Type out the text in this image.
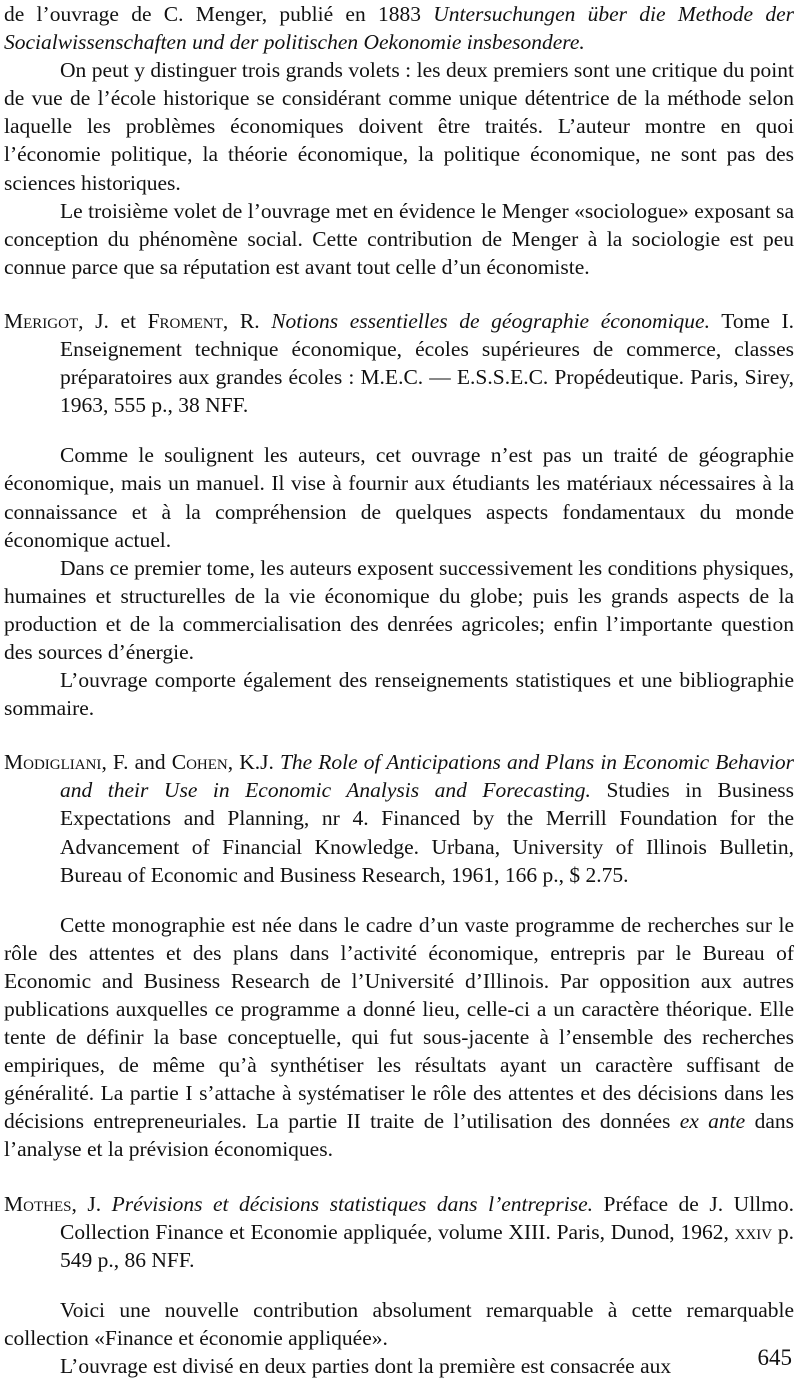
de l’ouvrage de C. Menger, publié en 1883 Untersuchungen über die Methode der Socialwissenschaften und der politischen Oekonomie insbesondere.

On peut y distinguer trois grands volets : les deux premiers sont une critique du point de vue de l’école historique se considérant comme unique détentrice de la méthode selon laquelle les problèmes économiques doivent être traités. L’auteur montre en quoi l’économie politique, la théorie économique, la politique économique, ne sont pas des sciences historiques.

Le troisième volet de l’ouvrage met en évidence le Menger «sociologue» exposant sa conception du phénomène social. Cette contribution de Menger à la sociologie est peu connue parce que sa réputation est avant tout celle d’un économiste.

Merigot, J. et Froment, R. Notions essentielles de géographie économique. Tome I. Enseignement technique économique, écoles supérieures de commerce, classes préparatoires aux grandes écoles : M.E.C. — E.S.S.E.C. Propédeutique. Paris, Sirey, 1963, 555 p., 38 NFF.

Comme le soulignent les auteurs, cet ouvrage n’est pas un traité de géographie économique, mais un manuel. Il vise à fournir aux étudiants les matériaux nécessaires à la connaissance et à la compréhension de quelques aspects fondamentaux du monde économique actuel.

Dans ce premier tome, les auteurs exposent successivement les conditions physiques, humaines et structurelles de la vie économique du globe; puis les grands aspects de la production et de la commercialisation des denrées agricoles; enfin l’importante question des sources d’énergie.

L’ouvrage comporte également des renseignements statistiques et une bibliographie sommaire.

Modigliani, F. and Cohen, K.J. The Role of Anticipations and Plans in Economic Behavior and their Use in Economic Analysis and Forecasting. Studies in Business Expectations and Planning, nr 4. Financed by the Merrill Foundation for the Advancement of Financial Knowledge. Urbana, University of Illinois Bulletin, Bureau of Economic and Business Research, 1961, 166 p., $ 2.75.

Cette monographie est née dans le cadre d’un vaste programme de recherches sur le rôle des attentes et des plans dans l’activité économique, entrepris par le Bureau of Economic and Business Research de l’Université d’Illinois. Par opposition aux autres publications auxquelles ce programme a donné lieu, celle-ci a un caractère théorique. Elle tente de définir la base conceptuelle, qui fut sous-jacente à l’ensemble des recherches empiriques, de même qu’à synthétiser les résultats ayant un caractère suffisant de généralité. La partie I s’attache à systématiser le rôle des attentes et des décisions dans les décisions entrepreneuriales. La partie II traite de l’utilisation des données ex ante dans l’analyse et la prévision économiques.

Mothes, J. Prévisions et décisions statistiques dans l’entreprise. Préface de J. Ullmo. Collection Finance et Economie appliquée, volume XIII. Paris, Dunod, 1962, xxiv p. 549 p., 86 NFF.

Voici une nouvelle contribution absolument remarquable à cette remarquable collection «Finance et économie appliquée».

L’ouvrage est divisé en deux parties dont la première est consacrée aux	645
